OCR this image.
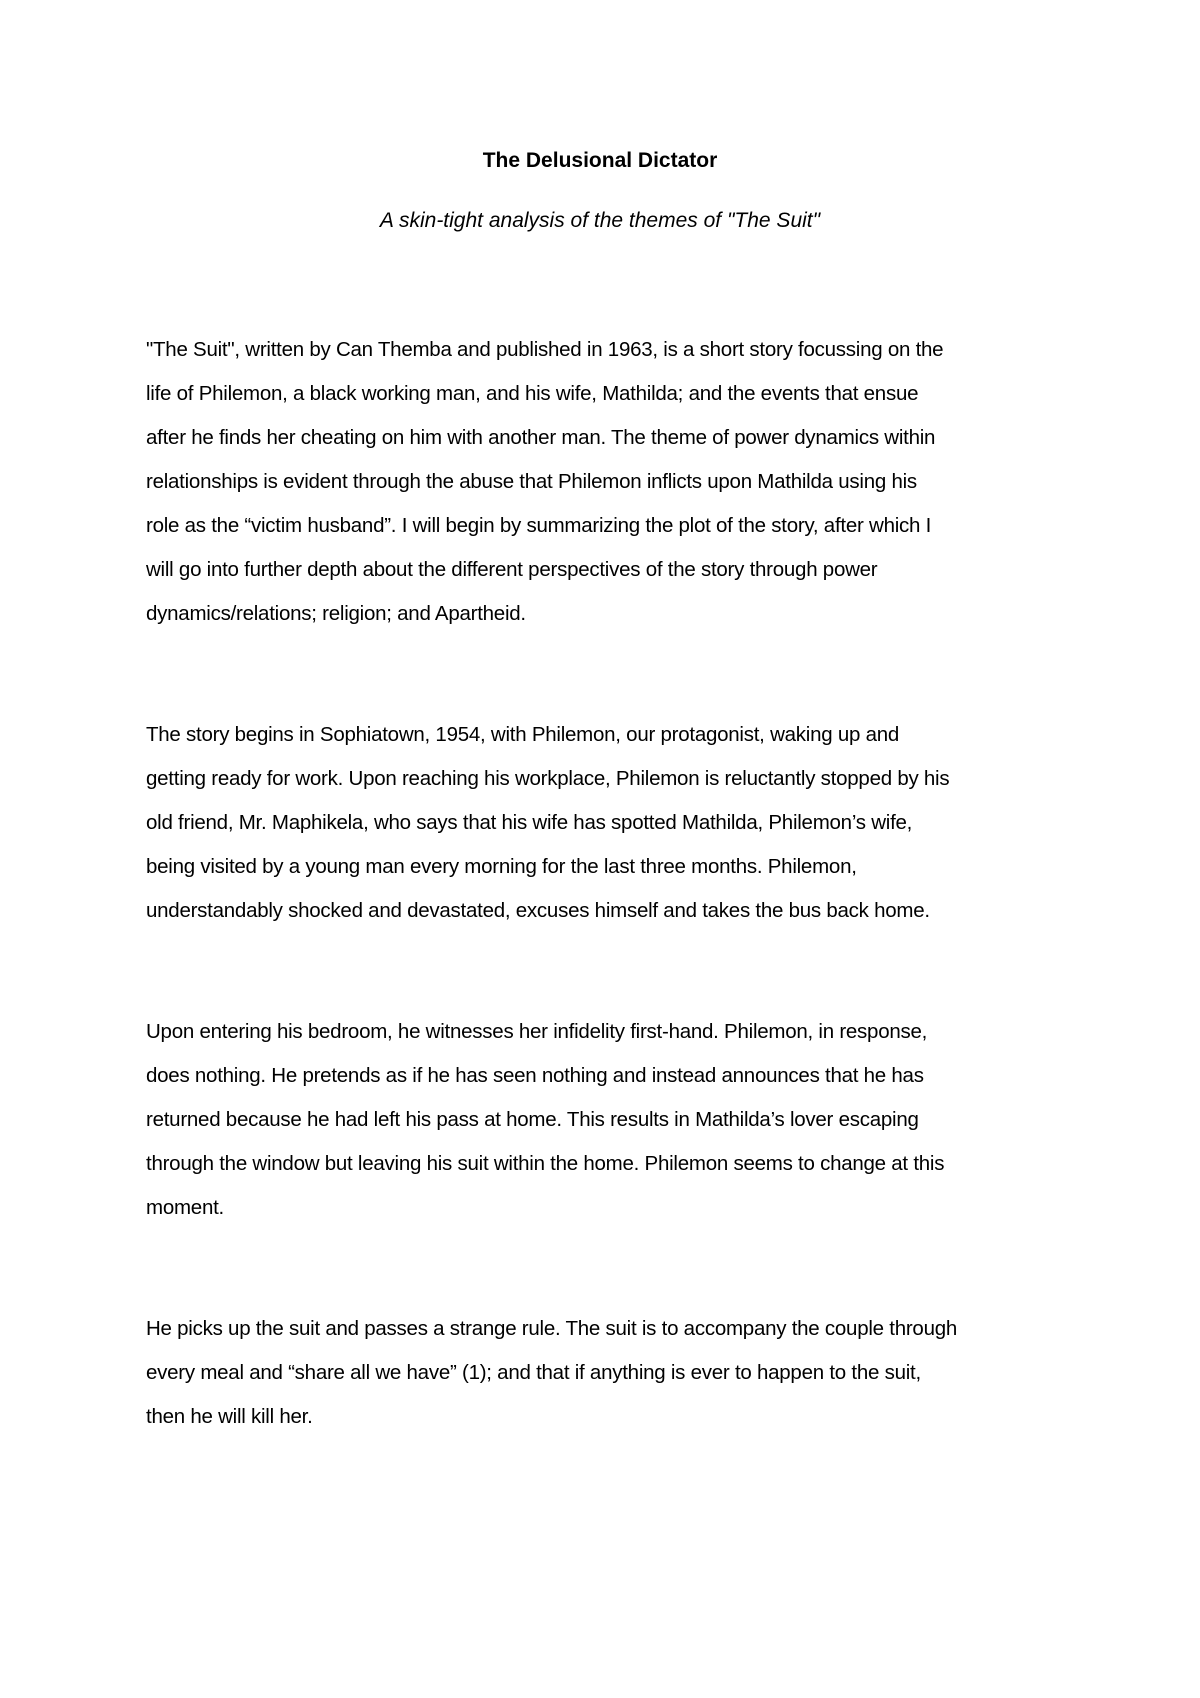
The Delusional Dictator

A skin-tight analysis of the themes of "The Suit"

"The Suit", written by Can Themba and published in 1963, is a short story focussing on the
life of Philemon, a black working man, and his wife, Mathilda; and the events that ensue
after he finds her cheating on him with another man. The theme of power dynamics within
relationships is evident through the abuse that Philemon inflicts upon Mathilda using his
role as the “victim husband”. I will begin by summarizing the plot of the story, after which I
will go into further depth about the different perspectives of the story through power
dynamics/relations; religion; and Apartheid.

The story begins in Sophiatown, 1954, with Philemon, our protagonist, waking up and
getting ready for work. Upon reaching his workplace, Philemon is reluctantly stopped by his
old friend, Mr. Maphikela, who says that his wife has spotted Mathilda, Philemon’s wife,
being visited by a young man every morning for the last three months. Philemon,
understandably shocked and devastated, excuses himself and takes the bus back home.

Upon entering his bedroom, he witnesses her infidelity first-hand. Philemon, in response,
does nothing. He pretends as if he has seen nothing and instead announces that he has
returned because he had left his pass at home. This results in Mathilda’s lover escaping
through the window but leaving his suit within the home. Philemon seems to change at this
moment.

He picks up the suit and passes a strange rule. The suit is to accompany the couple through
every meal and “share all we have” (1); and that if anything is ever to happen to the suit,
then he will kill her.
